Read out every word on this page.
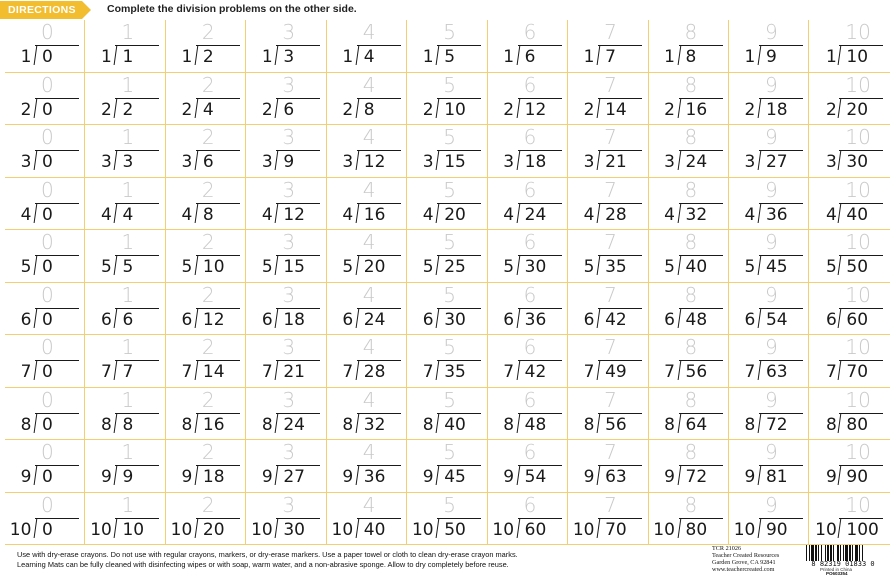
DIRECTIONS	Complete the division problems on the other side.
0
1 0
1
1 1
2
1 2
3
1 3
4
1 4
5
1 5
6
1 6
7
1 7
8
1 8
9
1 9
10
1 10
0
2 0
1
2 2
2
2 4
3
2 6
4
2 8
5
2 10
6
2 12
7
2 14
8
2 16
9
2 18
10
2 20
0
3 0
1
3 3
2
3 6
3
3 9
4
3 12
5
3 15
6
3 18
7
3 21
8
3 24
9
3 27
10
3 30
0
4 0
1
4 4
2
4 8
3
4 12
4
4 16
5
4 20
6
4 24
7
4 28
8
4 32
9
4 36
10
4 40
0
5 0
1
5 5
2
5 10
3
5 15
4
5 20
5
5 25
6
5 30
7
5 35
8
5 40
9
5 45
10
5 50
0
6 0
1
6 6
2
6 12
3
6 18
4
6 24
5
6 30
6
6 36
7
6 42
8
6 48
9
6 54
10
6 60
0
7 0
1
7 7
2
7 14
3
7 21
4
7 28
5
7 35
6
7 42
7
7 49
8
7 56
9
7 63
10
7 70
0
8 0
1
8 8
2
8 16
3
8 24
4
8 32
5
8 40
6
8 48
7
8 56
8
8 64
9
8 72
10
8 80
0
9 0
1
9 9
2
9 18
3
9 27
4
9 36
5
9 45
6
9 54
7
9 63
8
9 72
9
9 81
10
9 90
0
10 0
1
10 10
2
10 20
3
10 30
4
10 40
5
10 50
6
10 60
7
10 70
8
10 80
9
10 90
10
10 100
Use with dry-erase crayons. Do not use with regular crayons, markers, or dry-erase markers. Use a paper towel or cloth to clean dry-erase crayon marks.
Learning Mats can be fully cleaned with disinfecting wipes or with soap, warm water, and a non-abrasive sponge. Allow to dry completely before reuse.
TCR 21026
Teacher Created Resources
Garden Grove, CA 92841
www.teachercreated.com
8 82319 01833 0
Printed in China
PO603354
